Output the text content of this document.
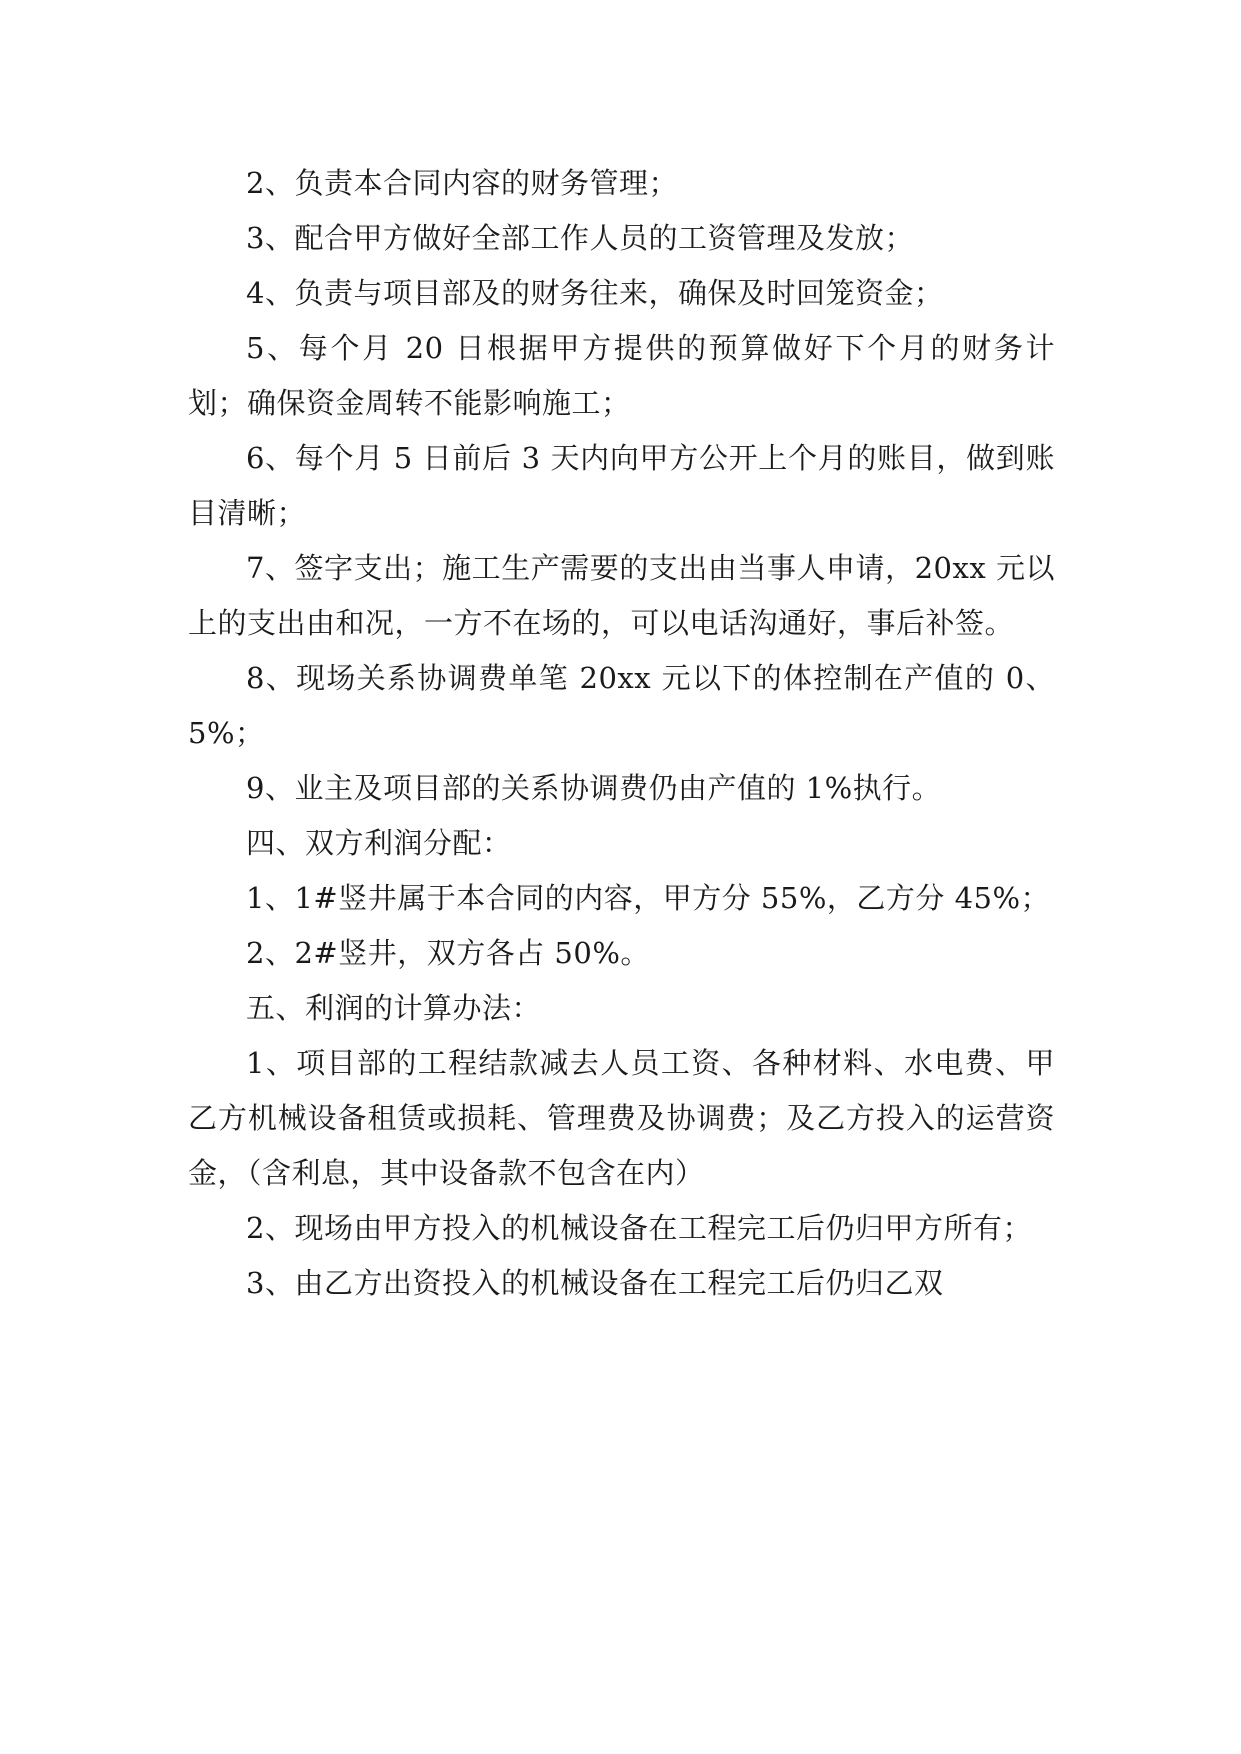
2、负责本合同内容的财务管理；

3、配合甲方做好全部工作人员的工资管理及发放；

4、负责与项目部及的财务往来，确保及时回笼资金；

5、每个月 20 日根据甲方提供的预算做好下个月的财务计划；确保资金周转不能影响施工；

6、每个月 5 日前后 3 天内向甲方公开上个月的账目，做到账目清晰；

7、签字支出；施工生产需要的支出由当事人申请，20xx 元以上的支出由和况，一方不在场的，可以电话沟通好，事后补签。

8、现场关系协调费单笔 20xx 元以下的体控制在产值的 0、5%；

9、业主及项目部的关系协调费仍由产值的 1%执行。

四、双方利润分配：

1、1#竖井属于本合同的内容，甲方分 55%，乙方分 45%；

2、2#竖井，双方各占 50%。

五、利润的计算办法：

1、项目部的工程结款减去人员工资、各种材料、水电费、甲乙方机械设备租赁或损耗、管理费及协调费；及乙方投入的运营资金，（含利息，其中设备款不包含在内）

2、现场由甲方投入的机械设备在工程完工后仍归甲方所有；

3、由乙方出资投入的机械设备在工程完工后仍归乙双
